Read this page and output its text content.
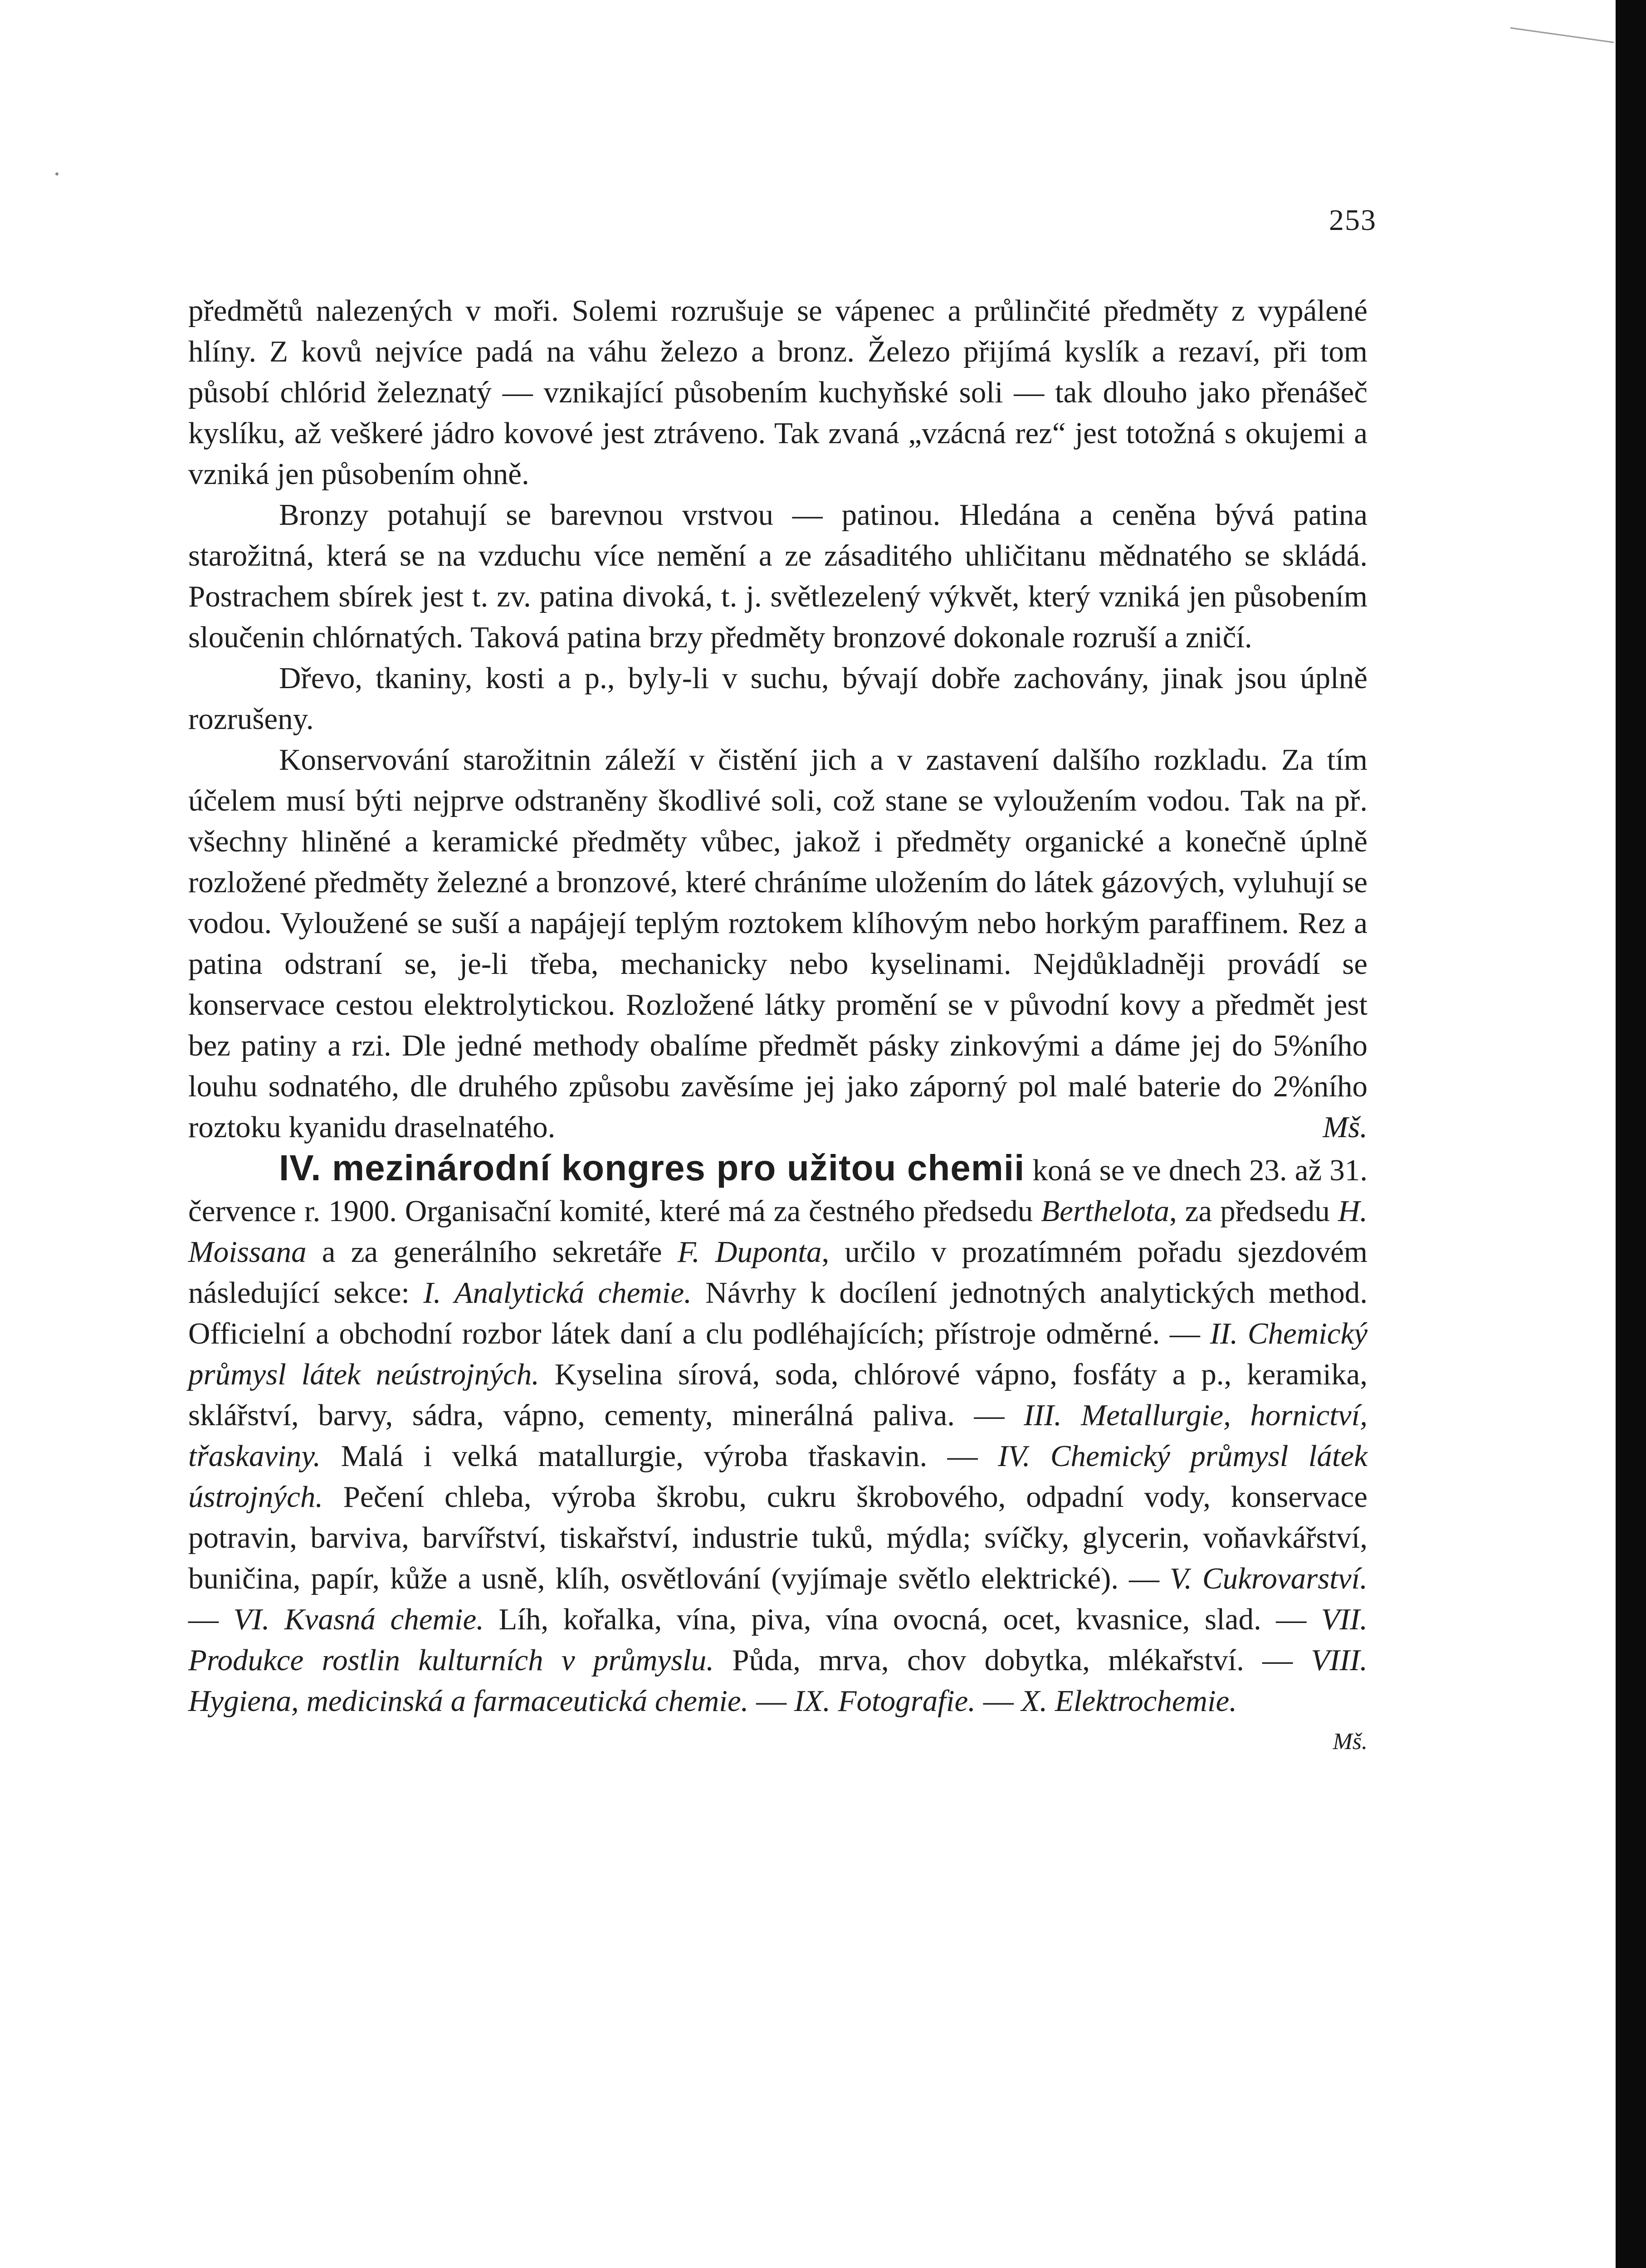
253

předmětů nalezených v moři. Solemi rozrušuje se vápenec a průlinčité předměty z vypálené hlíny. Z kovů nejvíce padá na váhu železo a bronz. Železo přijímá kyslík a rezaví, při tom působí chlórid železnatý — vznikající působením kuchyňské soli — tak dlouho jako přenášeč kyslíku, až veškeré jádro kovové jest ztráveno. Tak zvaná „vzácná rez“ jest totožná s okujemi a vzniká jen působením ohně.

Bronzy potahují se barevnou vrstvou — patinou. Hledána a ceněna bývá patina starožitná, která se na vzduchu více nemění a ze zásaditého uhličitanu mědnatého se skládá. Postrachem sbírek jest t. zv. patina divoká, t. j. světlezelený výkvět, který vzniká jen působením sloučenin chlórnatých. Taková patina brzy předměty bronzové dokonale rozruší a zničí.

Dřevo, tkaniny, kosti a p., byly-li v suchu, bývají dobře zachovány, jinak jsou úplně rozrušeny.

Konservování starožitnin záleží v čistění jich a v zastavení dalšího rozkladu. Za tím účelem musí býti nejprve odstraněny škodlivé soli, což stane se vyloužením vodou. Tak na př. všechny hliněné a keramické předměty vůbec, jakož i předměty organické a konečně úplně rozložené předměty železné a bronzové, které chráníme uložením do látek gázových, vyluhují se vodou. Vyloužené se suší a napájejí teplým roztokem klíhovým nebo horkým paraffinem. Rez a patina odstraní se, je-li třeba, mechanicky nebo kyselinami. Nejdůkladněji provádí se konservace cestou elektrolytickou. Rozložené látky promění se v původní kovy a předmět jest bez patiny a rzi. Dle jedné methody obalíme předmět pásky zinkovými a dáme jej do 5%ního louhu sodnatého, dle druhého způsobu zavěsíme jej jako záporný pol malé baterie do 2%ního roztoku kyanidu draselnatého.	Mš.

IV. mezinárodní kongres pro užitou chemii koná se ve dnech 23. až 31. července r. 1900. Organisační komité, které má za čestného předsedu Berthelota, za předsedu H. Moissana a za generálního sekretáře F. Duponta, určilo v prozatímném pořadu sjezdovém následující sekce: I. Analytická chemie. Návrhy k docílení jednotných analytických method. Officielní a obchodní rozbor látek daní a clu podléhajících; přístroje odměrné. — II. Chemický průmysl látek neústrojných. Kyselina sírová, soda, chlórové vápno, fosfáty a p., keramika, sklářství, barvy, sádra, vápno, cementy, minerálná paliva. — III. Metallurgie, hornictví, třaskaviny. Malá i velká matallurgie, výroba třaskavin. — IV. Chemický průmysl látek ústrojných. Pečení chleba, výroba škrobu, cukru škrobového, odpadní vody, konservace potravin, barviva, barvířství, tiskařství, industrie tuků, mýdla; svíčky, glycerin, voňavkářství, buničina, papír, kůže a usně, klíh, osvětlování (vyjímaje světlo elektrické). — V. Cukrovarství. — VI. Kvasná chemie. Líh, kořalka, vína, piva, vína ovocná, ocet, kvasnice, slad. — VII. Produkce rostlin kulturních v průmyslu. Půda, mrva, chov dobytka, mlékařství. — VIII. Hygiena, medicinská a farmaceutická chemie. — IX. Fotografie. — X. Elektrochemie.
Mš.
